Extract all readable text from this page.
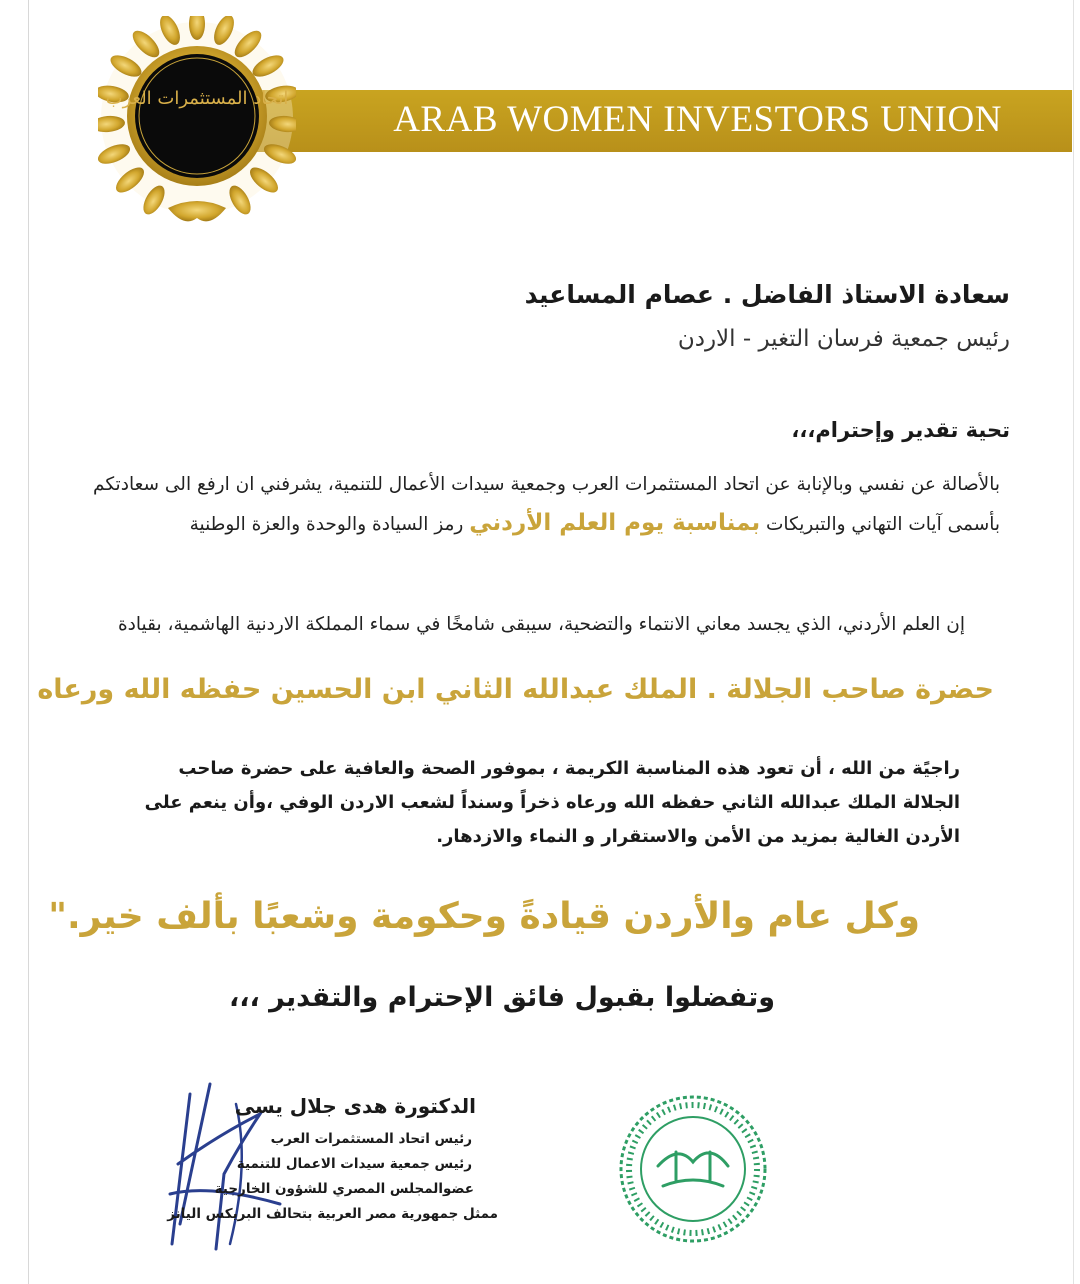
ARAB WOMEN INVESTORS UNION
اتحاد المستثمرات العرب
سعادة الاستاذ الفاضل . عصام المساعيد
رئيس جمعية فرسان التغير - الاردن
تحية تقدير وإحترام،،،
بالأصالة عن نفسي وبالإنابة عن اتحاد المستثمرات العرب وجمعية سيدات الأعمال للتنمية، يشرفني ان ارفع الى سعادتكم بأسمى آيات التهاني والتبريكات بمناسبة يوم العلم الأردني رمز السيادة والوحدة والعزة الوطنية
إن العلم الأردني، الذي يجسد معاني الانتماء والتضحية، سيبقى شامخًا في سماء المملكة الاردنية الهاشمية، بقيادة
حضرة صاحب الجلالة . الملك عبدالله الثاني ابن الحسين حفظه الله ورعاه
راجيًة من الله ، أن تعود هذه المناسبة الكريمة ، بموفور الصحة والعافية على حضرة صاحب الجلالة الملك عبدالله الثاني حفظه الله ورعاه ذخراً وسنداً لشعب الاردن الوفي ،وأن ينعم على الأردن الغالية بمزيد من الأمن والاستقرار و النماء والازدهار.
وكل عام والأردن قيادةً وحكومة وشعبًا بألف خير."
وتفضلوا بقبول فائق الإحترام والتقدير ،،،
الدكتورة هدى جلال يسى
رئيس اتحاد المستثمرات العرب
رئيس جمعية سيدات الاعمال للتنمية
عضوالمجلس المصري للشؤون الخارجية
ممثل جمهورية مصر العربية بتحالف البريكس اليانز
